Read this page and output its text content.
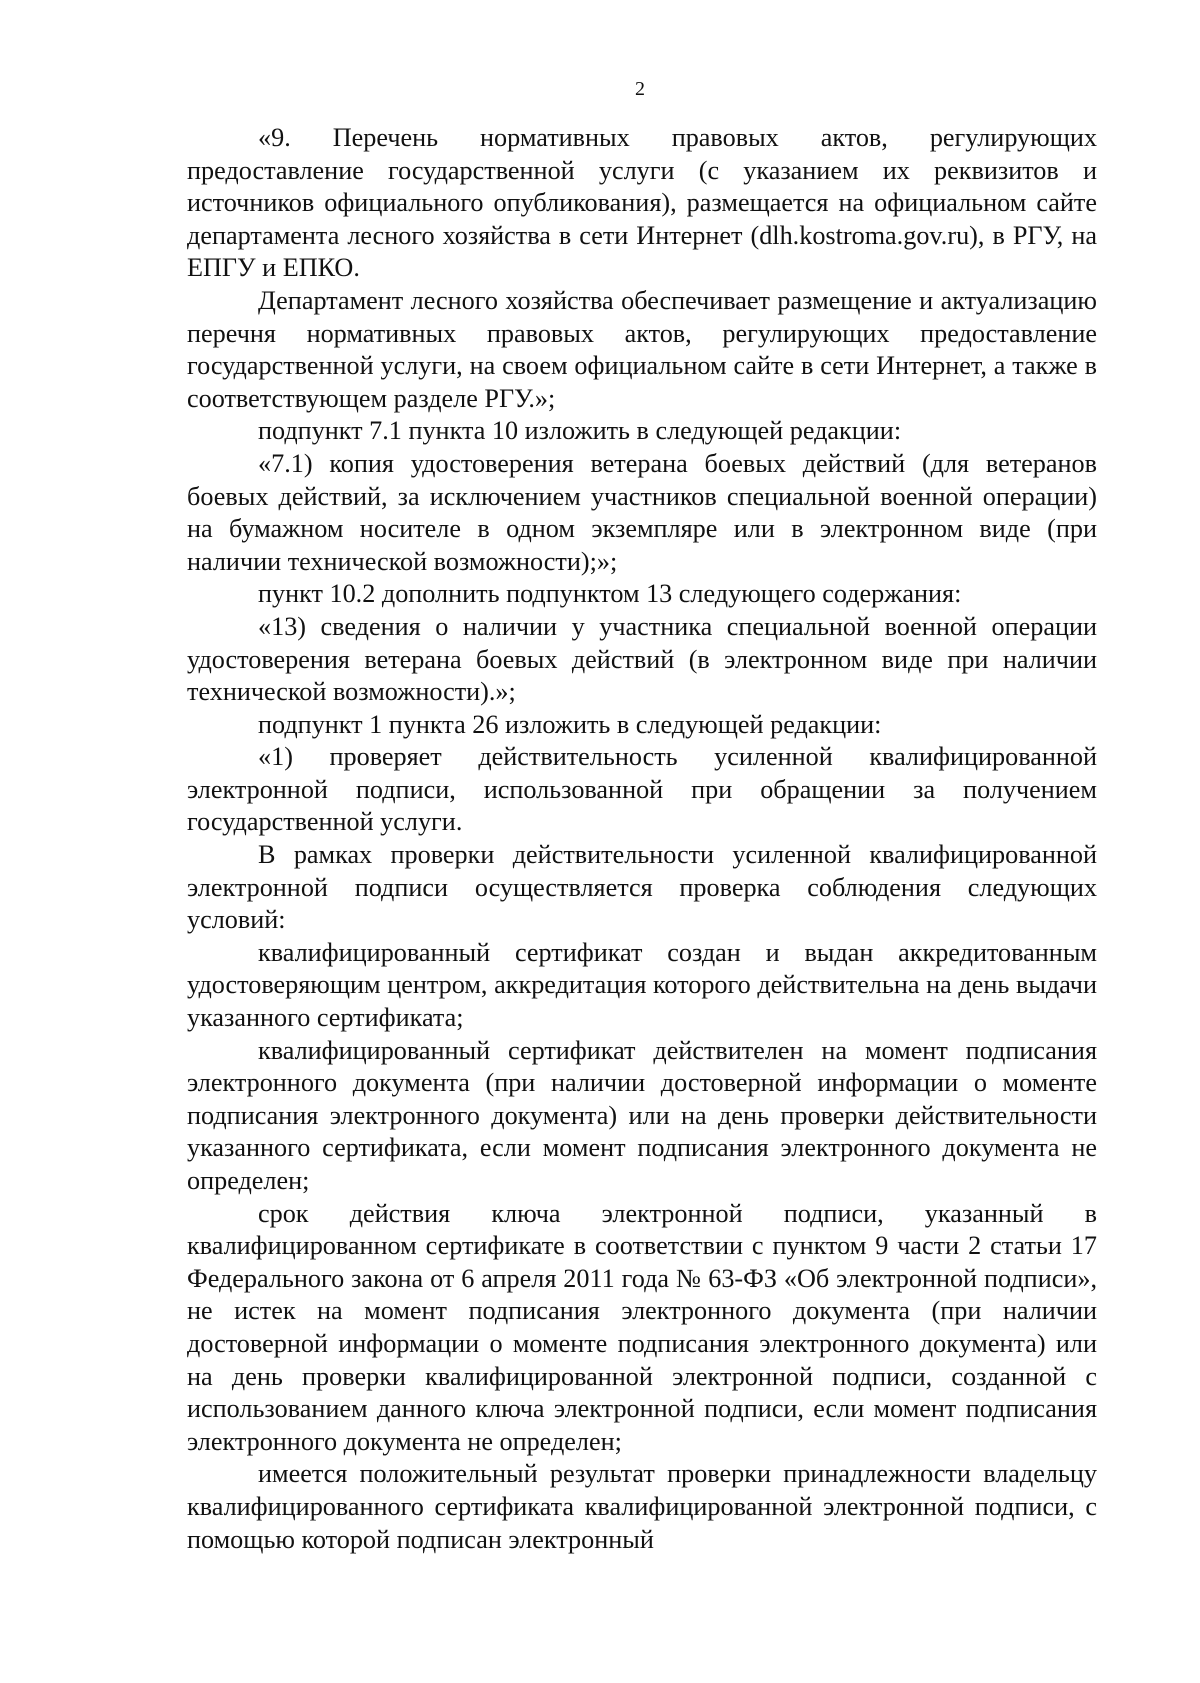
2

«9. Перечень нормативных правовых актов, регулирующих предоставление государственной услуги (с указанием их реквизитов и источников официального опубликования), размещается на официальном сайте департамента лесного хозяйства в сети Интернет (dlh.kostroma.gov.ru), в РГУ, на ЕПГУ и ЕПКО.

Департамент лесного хозяйства обеспечивает размещение и актуализацию перечня нормативных правовых актов, регулирующих предоставление государственной услуги, на своем официальном сайте в сети Интернет, а также в соответствующем разделе РГУ.»;

подпункт 7.1 пункта 10 изложить в следующей редакции:

«7.1) копия удостоверения ветерана боевых действий (для ветеранов боевых действий, за исключением участников специальной военной операции) на бумажном носителе в одном экземпляре или в электронном виде (при наличии технической возможности);»;

пункт 10.2 дополнить подпунктом 13 следующего содержания:

«13) сведения о наличии у участника специальной военной операции удостоверения ветерана боевых действий (в электронном виде при наличии технической возможности).»;

подпункт 1 пункта 26 изложить в следующей редакции:

«1) проверяет действительность усиленной квалифицированной электронной подписи, использованной при обращении за получением государственной услуги.

В рамках проверки действительности усиленной квалифицированной электронной подписи осуществляется проверка соблюдения следующих условий:

квалифицированный сертификат создан и выдан аккредитованным удостоверяющим центром, аккредитация которого действительна на день выдачи указанного сертификата;

квалифицированный сертификат действителен на момент подписания электронного документа (при наличии достоверной информации о моменте подписания электронного документа) или на день проверки действительности указанного сертификата, если момент подписания электронного документа не определен;

срок действия ключа электронной подписи, указанный в квалифицированном сертификате в соответствии с пунктом 9 части 2 статьи 17 Федерального закона от 6 апреля 2011 года № 63-ФЗ «Об электронной подписи», не истек на момент подписания электронного документа (при наличии достоверной информации о моменте подписания электронного документа) или на день проверки квалифицированной электронной подписи, созданной с использованием данного ключа электронной подписи, если момент подписания электронного документа не определен;

имеется положительный результат проверки принадлежности владельцу квалифицированного сертификата квалифицированной электронной подписи, с помощью которой подписан электронный
